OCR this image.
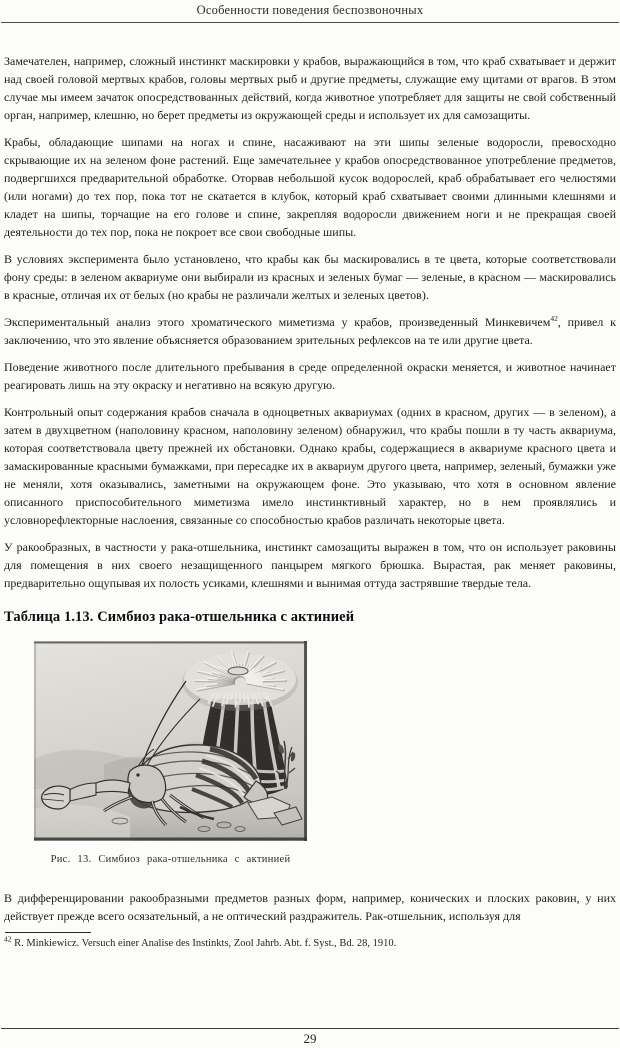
Особенности поведения беспозвоночных

Замечателен, например, сложный инстинкт маскировки у крабов, выражающийся в том, что краб схватывает и держит над своей головой мертвых крабов, головы мертвых рыб и другие предметы, служащие ему щитами от врагов. В этом случае мы имеем зачаток опосредствованных действий, когда животное употребляет для защиты не свой собственный орган, например, клешню, но берет предметы из окружающей среды и использует их для самозащиты.

Крабы, обладающие шипами на ногах и спине, насаживают на эти шипы зеленые водоросли, превосходно скрывающие их на зеленом фоне растений. Еще замечательнее у крабов опосредствованное употребление предметов, подвергшихся предварительной обработке. Оторвав небольшой кусок водорослей, краб обрабатывает его челюстями (или ногами) до тех пор, пока тот не скатается в клубок, который краб схватывает своими длинными клешнями и кладет на шипы, торчащие на его голове и спине, закрепляя водоросли движением ноги и не прекращая своей деятельности до тех пор, пока не покроет все свои свободные шипы.

В условиях эксперимента было установлено, что крабы как бы маскировались в те цвета, которые соответствовали фону среды: в зеленом аквариуме они выбирали из красных и зеленых бумаг — зеленые, в красном — маскировались в красные, отличая их от белых (но крабы не различали желтых и зеленых цветов).

Экспериментальный анализ этого хроматического миметизма у крабов, произведенный Минкевичем$^{42}$, привел к заключению, что это явление объясняется образованием зрительных рефлексов на те или другие цвета.

Поведение животного после длительного пребывания в среде определенной окраски меняется, и животное начинает реагировать лишь на эту окраску и негативно на всякую другую.

Контрольный опыт содержания крабов сначала в одноцветных аквариумах (одних в красном, других — в зеленом), а затем в двухцветном (наполовину красном, наполовину зеленом) обнаружил, что крабы пошли в ту часть аквариума, которая соответствовала цвету прежней их обстановки. Однако крабы, содержащиеся в аквариуме красного цвета и замаскированные красными бумажками, при пересадке их в аквариум другого цвета, например, зеленый, бумажки уже не меняли, хотя оказывались, заметными на окружающем фоне. Это указываю, что хотя в основном явление описанного приспособительного миметизма имело инстинктивный характер, но в нем проявлялись и условнорефлекторные наслоения, связанные со способностью крабов различать некоторые цвета.

У ракообразных, в частности у рака-отшельника, инстинкт самозащиты выражен в том, что он использует раковины для помещения в них своего незащищенного панцырем мягкого брюшка. Вырастая, рак меняет раковины, предварительно ощупывая их полость усиками, клешнями и вынимая оттуда застрявшие твердые тела.

Таблица 1.13. Симбиоз рака-отшельника с актинией
Рис. 13. Симбиоз рака-отшельника с актинией

В дифференцировании ракообразными предметов разных форм, например, конических и плоских раковин, у них действует прежде всего осязательный, а не оптический раздражитель. Рак-отшельник, используя для

$^{42}$ R. Minkiewicz. Versuch einer Analise des Instinkts, Zool Jahrb. Abt. f. Syst., Bd. 28, 1910.
29
